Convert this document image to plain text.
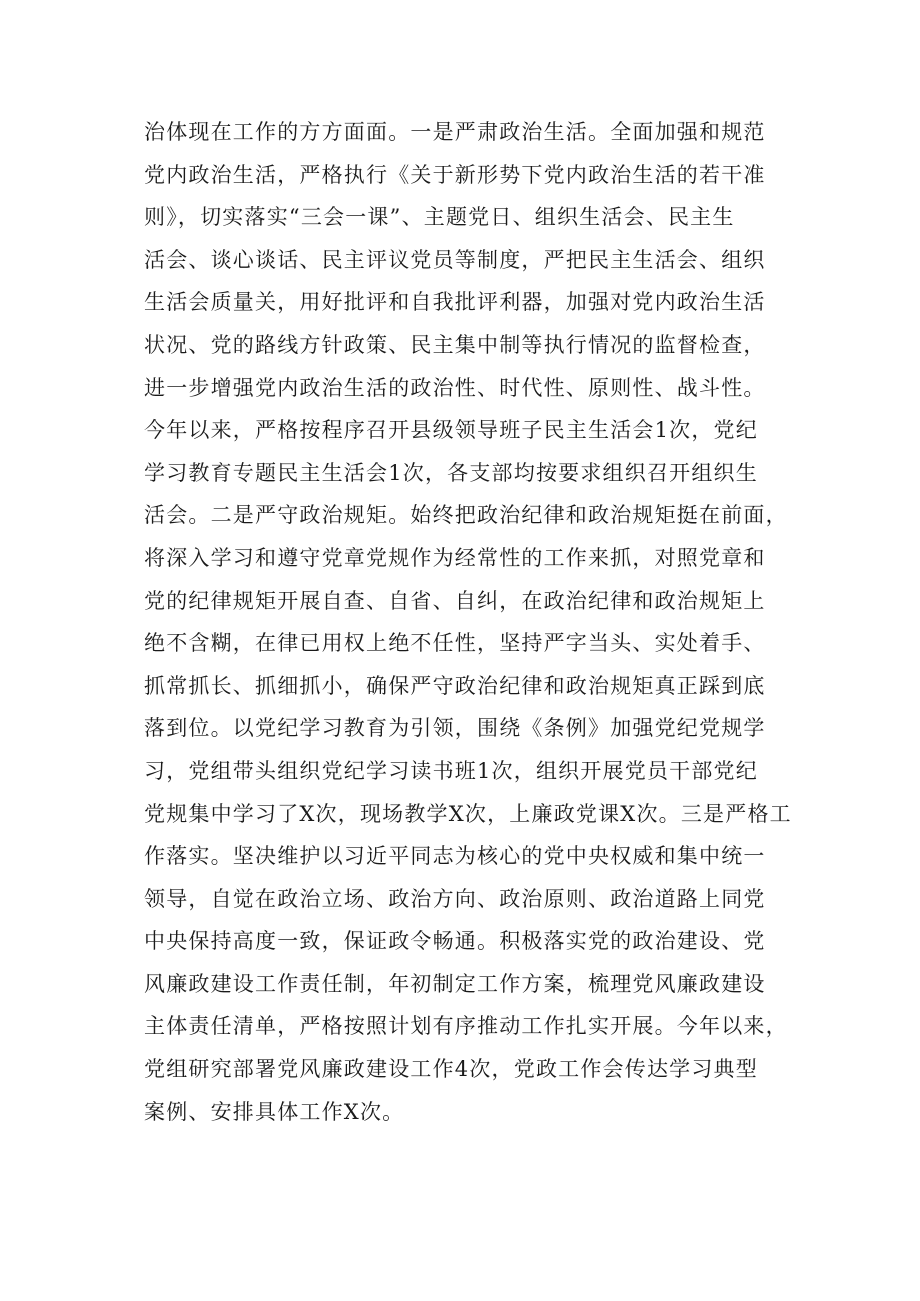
治体现在工作的方方面面。一是严肃政治生活。全面加强和规范
党内政治生活，严格执行《关于新形势下党内政治生活的若干准
则》，切实落实“三会一课”、主题党日、组织生活会、民主生
活会、谈心谈话、民主评议党员等制度，严把民主生活会、组织
生活会质量关，用好批评和自我批评利器，加强对党内政治生活
状况、党的路线方针政策、民主集中制等执行情况的监督检查，
进一步增强党内政治生活的政治性、时代性、原则性、战斗性。
今年以来，严格按程序召开县级领导班子民主生活会1次，党纪
学习教育专题民主生活会1次，各支部均按要求组织召开组织生
活会。二是严守政治规矩。始终把政治纪律和政治规矩挺在前面，
将深入学习和遵守党章党规作为经常性的工作来抓，对照党章和
党的纪律规矩开展自查、自省、自纠，在政治纪律和政治规矩上
绝不含糊，在律已用权上绝不任性，坚持严字当头、实处着手、
抓常抓长、抓细抓小，确保严守政治纪律和政治规矩真正踩到底
落到位。以党纪学习教育为引领，围绕《条例》加强党纪党规学
习，党组带头组织党纪学习读书班1次，组织开展党员干部党纪
党规集中学习了X次，现场教学X次，上廉政党课X次。三是严格工
作落实。坚决维护以习近平同志为核心的党中央权威和集中统一
领导，自觉在政治立场、政治方向、政治原则、政治道路上同党
中央保持高度一致，保证政令畅通。积极落实党的政治建设、党
风廉政建设工作责任制，年初制定工作方案，梳理党风廉政建设
主体责任清单，严格按照计划有序推动工作扎实开展。今年以来，
党组研究部署党风廉政建设工作4次，党政工作会传达学习典型
案例、安排具体工作X次。
